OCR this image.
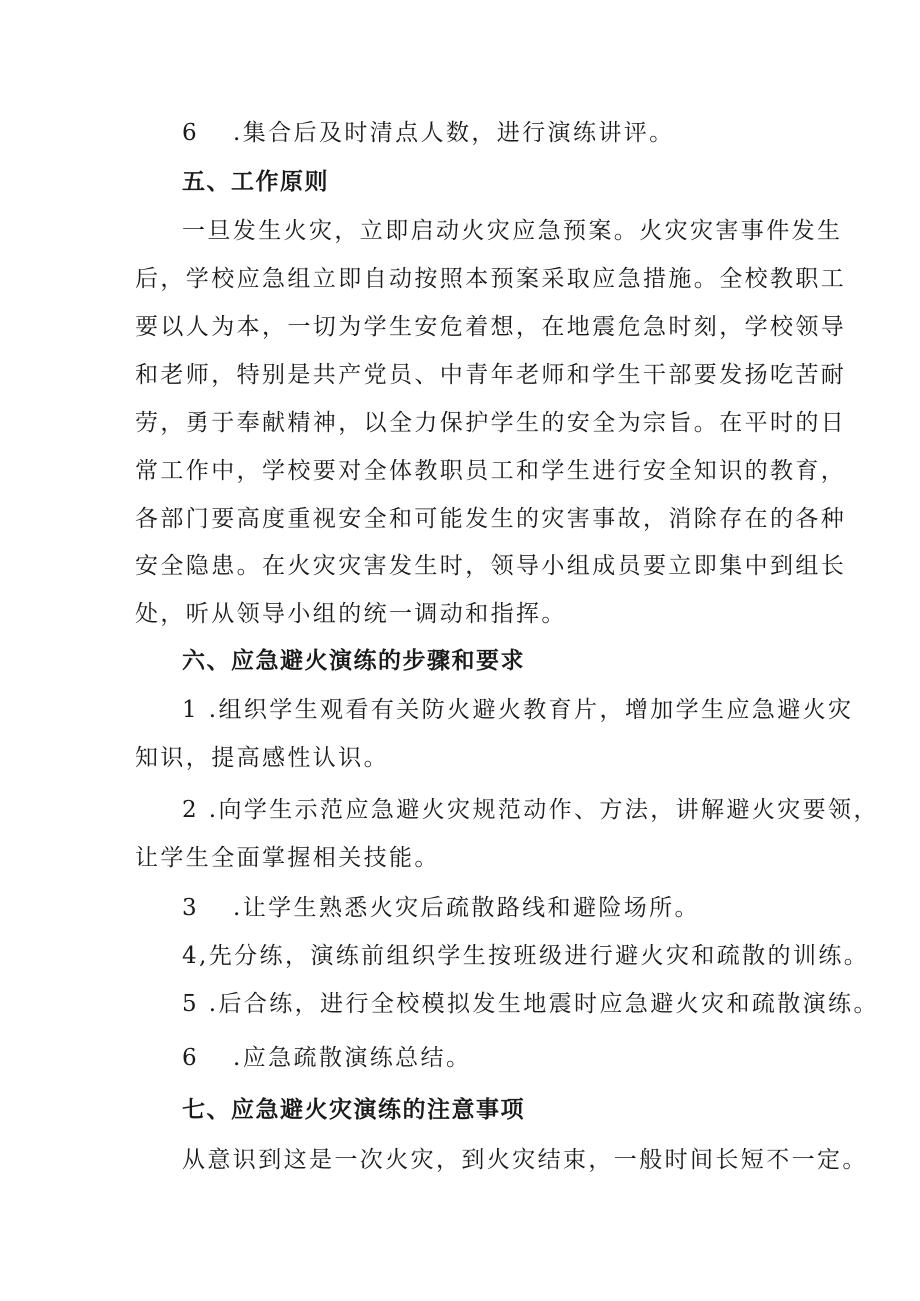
6 .集合后及时清点人数，进行演练讲评。
五、工作原则
一旦发生火灾，立即启动火灾应急预案。火灾灾害事件发生
后，学校应急组立即自动按照本预案采取应急措施。全校教职工
要以人为本，一切为学生安危着想，在地震危急时刻，学校领导
和老师，特别是共产党员、中青年老师和学生干部要发扬吃苦耐
劳，勇于奉献精神，以全力保护学生的安全为宗旨。在平时的日
常工作中，学校要对全体教职员工和学生进行安全知识的教育，
各部门要高度重视安全和可能发生的灾害事故，消除存在的各种
安全隐患。在火灾灾害发生时，领导小组成员要立即集中到组长
处，听从领导小组的统一调动和指挥。
六、应急避火演练的步骤和要求
1 .组织学生观看有关防火避火教育片，增加学生应急避火灾
知识，提高感性认识。
2 .向学生示范应急避火灾规范动作、方法，讲解避火灾要领，
让学生全面掌握相关技能。
3 .让学生熟悉火灾后疏散路线和避险场所。
4,先分练，演练前组织学生按班级进行避火灾和疏散的训练。
5 .后合练，进行全校模拟发生地震时应急避火灾和疏散演练。
6 .应急疏散演练总结。
七、应急避火灾演练的注意事项
从意识到这是一次火灾，到火灾结束，一般时间长短不一定。
